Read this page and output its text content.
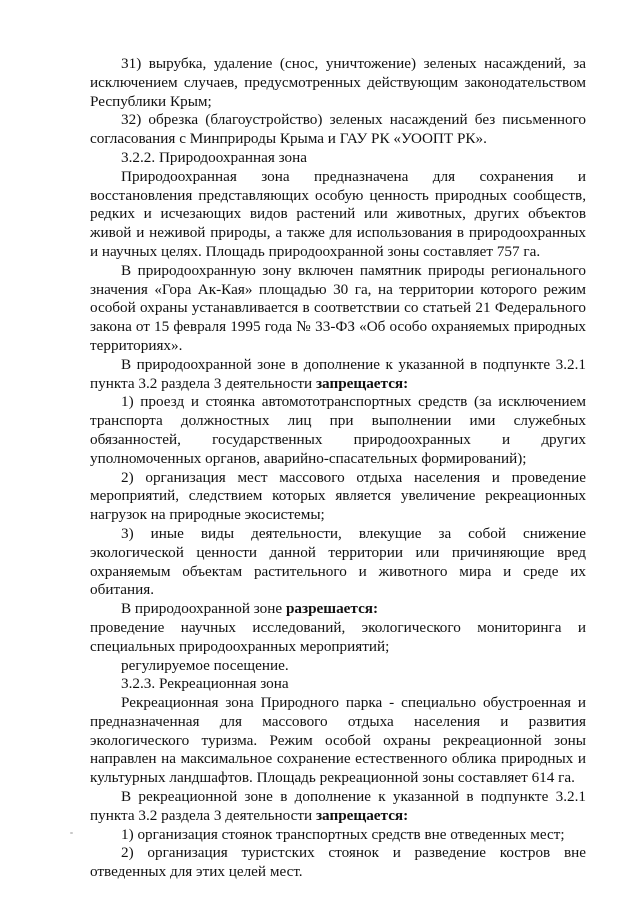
31) вырубка, удаление (снос, уничтожение) зеленых насаждений, за исключением случаев, предусмотренных действующим законодательством Республики Крым;

32) обрезка (благоустройство) зеленых насаждений без письменного согласования с Минприроды Крыма и ГАУ РК «УООПТ РК».

3.2.2. Природоохранная зона

Природоохранная зона предназначена для сохранения и восстановления представляющих особую ценность природных сообществ, редких и исчезающих видов растений или животных, других объектов живой и неживой природы, а также для использования в природоохранных и научных целях. Площадь природоохранной зоны составляет 757 га.

В природоохранную зону включен памятник природы регионального значения «Гора Ак-Кая» площадью 30 га, на территории которого режим особой охраны устанавливается в соответствии со статьей 21 Федерального закона от 15 февраля 1995 года № 33-ФЗ «Об особо охраняемых природных территориях».

В природоохранной зоне в дополнение к указанной в подпункте 3.2.1 пункта 3.2 раздела 3 деятельности запрещается:

1) проезд и стоянка автомототранспортных средств (за исключением транспорта должностных лиц при выполнении ими служебных обязанностей, государственных природоохранных и других уполномоченных органов, аварийно-спасательных формирований);

2) организация мест массового отдыха населения и проведение мероприятий, следствием которых является увеличение рекреационных нагрузок на природные экосистемы;

3) иные виды деятельности, влекущие за собой снижение экологической ценности данной территории или причиняющие вред охраняемым объектам растительного и животного мира и среде их обитания.

В природоохранной зоне разрешается:

проведение научных исследований, экологического мониторинга и специальных природоохранных мероприятий;

регулируемое посещение.

3.2.3. Рекреационная зона

Рекреационная зона Природного парка - специально обустроенная и предназначенная для массового отдыха населения и развития экологического туризма. Режим особой охраны рекреационной зоны направлен на максимальное сохранение естественного облика природных и культурных ландшафтов. Площадь рекреационной зоны составляет 614 га.

В рекреационной зоне в дополнение к указанной в подпункте 3.2.1 пункта 3.2 раздела 3 деятельности запрещается:

1) организация стоянок транспортных средств вне отведенных мест;

2) организация туристских стоянок и разведение костров вне отведенных для этих целей мест.
